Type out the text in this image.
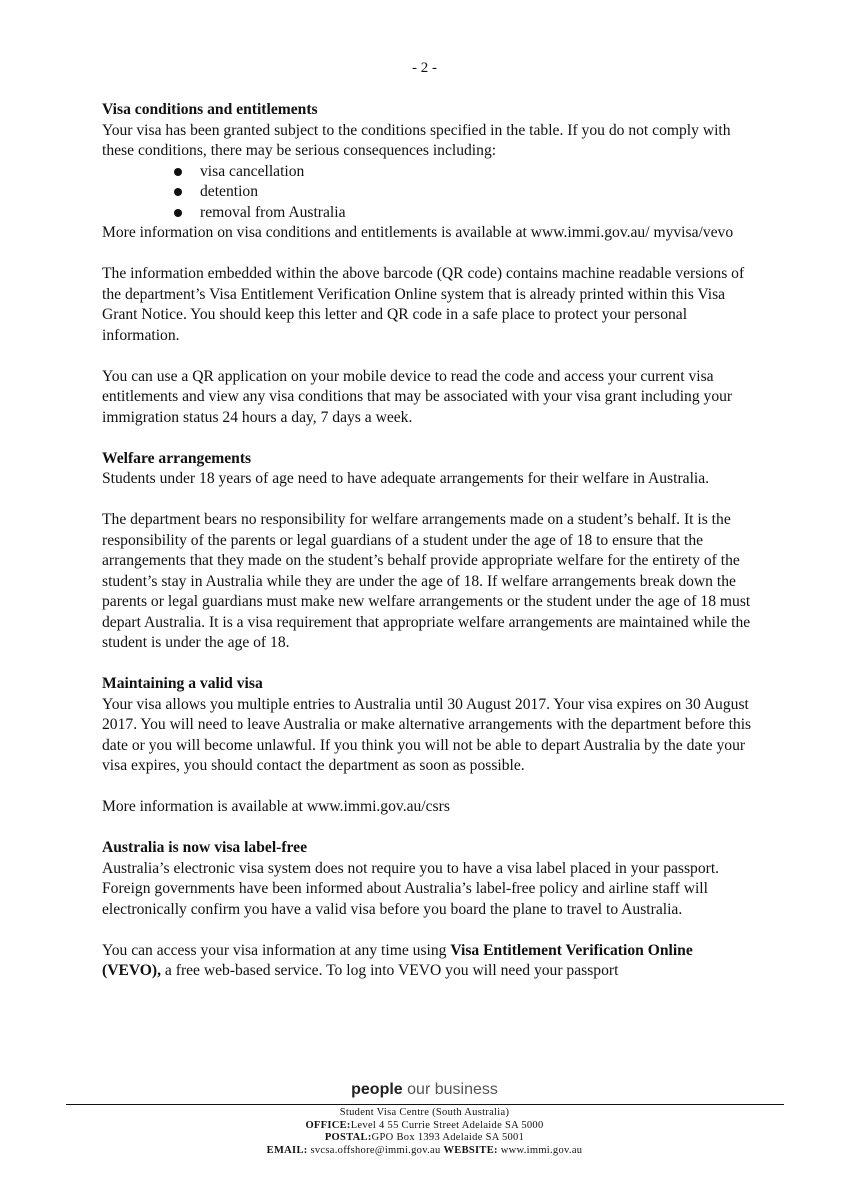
- 2 -
Visa conditions and entitlements

Your visa has been granted subject to the conditions specified in the table. If you do not comply with these conditions, there may be serious consequences including:

visa cancellation
detention
removal from Australia

More information on visa conditions and entitlements is available at www.immi.gov.au/ myvisa/vevo

The information embedded within the above barcode (QR code) contains machine readable versions of the department’s Visa Entitlement Verification Online system that is already printed within this Visa Grant Notice. You should keep this letter and QR code in a safe place to protect your personal information.

You can use a QR application on your mobile device to read the code and access your current visa entitlements and view any visa conditions that may be associated with your visa grant including your immigration status 24 hours a day, 7 days a week.

Welfare arrangements

Students under 18 years of age need to have adequate arrangements for their welfare in Australia.

The department bears no responsibility for welfare arrangements made on a student’s behalf. It is the responsibility of the parents or legal guardians of a student under the age of 18 to ensure that the arrangements that they made on the student’s behalf provide appropriate welfare for the entirety of the student’s stay in Australia while they are under the age of 18. If welfare arrangements break down the parents or legal guardians must make new welfare arrangements or the student under the age of 18 must depart Australia. It is a visa requirement that appropriate welfare arrangements are maintained while the student is under the age of 18.

Maintaining a valid visa

Your visa allows you multiple entries to Australia until 30 August 2017. Your visa expires on 30 August 2017. You will need to leave Australia or make alternative arrangements with the department before this date or you will become unlawful. If you think you will not be able to depart Australia by the date your visa expires, you should contact the department as soon as possible.

More information is available at www.immi.gov.au/csrs

Australia is now visa label-free

Australia’s electronic visa system does not require you to have a visa label placed in your passport. Foreign governments have been informed about Australia’s label-free policy and airline staff will electronically confirm you have a valid visa before you board the plane to travel to Australia.

You can access your visa information at any time using Visa Entitlement Verification Online (VEVO), a free web-based service. To log into VEVO you will need your passport

people our business
Student Visa Centre (South Australia)
OFFICE:Level 4 55 Currie Street Adelaide SA 5000
POSTAL:GPO Box 1393 Adelaide SA 5001
EMAIL: svcsa.offshore@immi.gov.au WEBSITE: www.immi.gov.au
